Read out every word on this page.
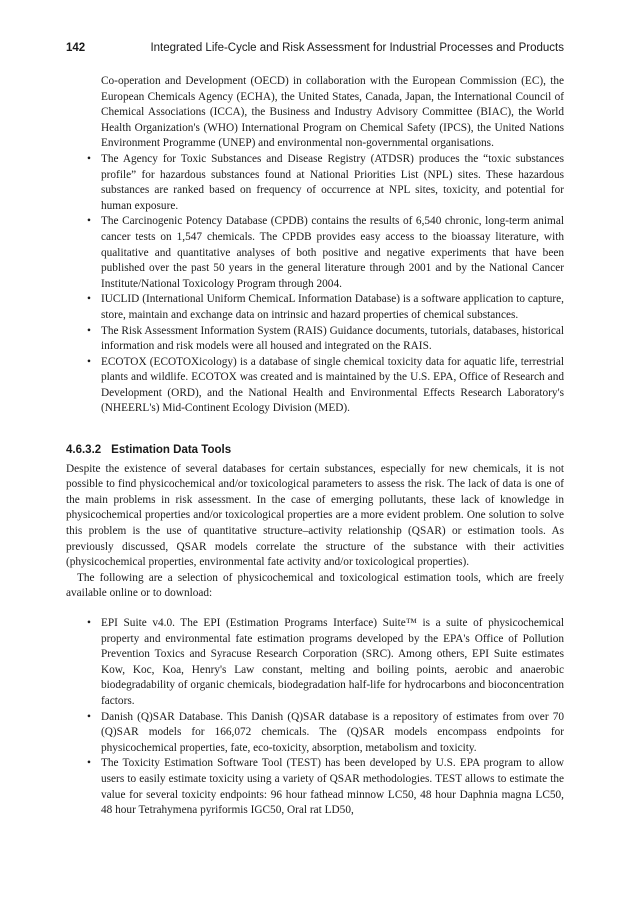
142	Integrated Life-Cycle and Risk Assessment for Industrial Processes and Products

Co-operation and Development (OECD) in collaboration with the European Commission (EC), the European Chemicals Agency (ECHA), the United States, Canada, Japan, the International Council of Chemical Associations (ICCA), the Business and Industry Advisory Committee (BIAC), the World Health Organization's (WHO) International Program on Chemical Safety (IPCS), the United Nations Environment Programme (UNEP) and environmental non-governmental organisations.

• The Agency for Toxic Substances and Disease Registry (ATDSR) produces the “toxic substances profile” for hazardous substances found at National Priorities List (NPL) sites. These hazardous substances are ranked based on frequency of occurrence at NPL sites, toxicity, and potential for human exposure.
• The Carcinogenic Potency Database (CPDB) contains the results of 6,540 chronic, long-term animal cancer tests on 1,547 chemicals. The CPDB provides easy access to the bioassay literature, with qualitative and quantitative analyses of both positive and negative experiments that have been published over the past 50 years in the general literature through 2001 and by the National Cancer Institute/National Toxicology Program through 2004.
• IUCLID (International Uniform ChemicaL Information Database) is a software application to capture, store, maintain and exchange data on intrinsic and hazard properties of chemical substances.
• The Risk Assessment Information System (RAIS) Guidance documents, tutorials, databases, historical information and risk models were all housed and integrated on the RAIS.
• ECOTOX (ECOTOXicology) is a database of single chemical toxicity data for aquatic life, terrestrial plants and wildlife. ECOTOX was created and is maintained by the U.S. EPA, Office of Research and Development (ORD), and the National Health and Environmental Effects Research Laboratory's (NHEERL's) Mid-Continent Ecology Division (MED).
4.6.3.2 Estimation Data Tools

Despite the existence of several databases for certain substances, especially for new chemicals, it is not possible to find physicochemical and/or toxicological parameters to assess the risk. The lack of data is one of the main problems in risk assessment. In the case of emerging pollutants, these lack of knowledge in physicochemical properties and/or toxicological properties are a more evident problem. One solution to solve this problem is the use of quantitative structure–activity relationship (QSAR) or estimation tools. As previously discussed, QSAR models correlate the structure of the substance with their activities (physicochemical properties, environmental fate activity and/or toxicological properties).

The following are a selection of physicochemical and toxicological estimation tools, which are freely available online or to download:

• EPI Suite v4.0. The EPI (Estimation Programs Interface) Suite™ is a suite of physicochemical property and environmental fate estimation programs developed by the EPA's Office of Pollution Prevention Toxics and Syracuse Research Corporation (SRC). Among others, EPI Suite estimates Kow, Koc, Koa, Henry's Law constant, melting and boiling points, aerobic and anaerobic biodegradability of organic chemicals, biodegradation half-life for hydrocarbons and bioconcentration factors.
• Danish (Q)SAR Database. This Danish (Q)SAR database is a repository of estimates from over 70 (Q)SAR models for 166,072 chemicals. The (Q)SAR models encompass endpoints for physicochemical properties, fate, eco-toxicity, absorption, metabolism and toxicity.
• The Toxicity Estimation Software Tool (TEST) has been developed by U.S. EPA program to allow users to easily estimate toxicity using a variety of QSAR methodologies. TEST allows to estimate the value for several toxicity endpoints: 96 hour fathead minnow LC50, 48 hour Daphnia magna LC50, 48 hour Tetrahymena pyriformis IGC50, Oral rat LD50,
